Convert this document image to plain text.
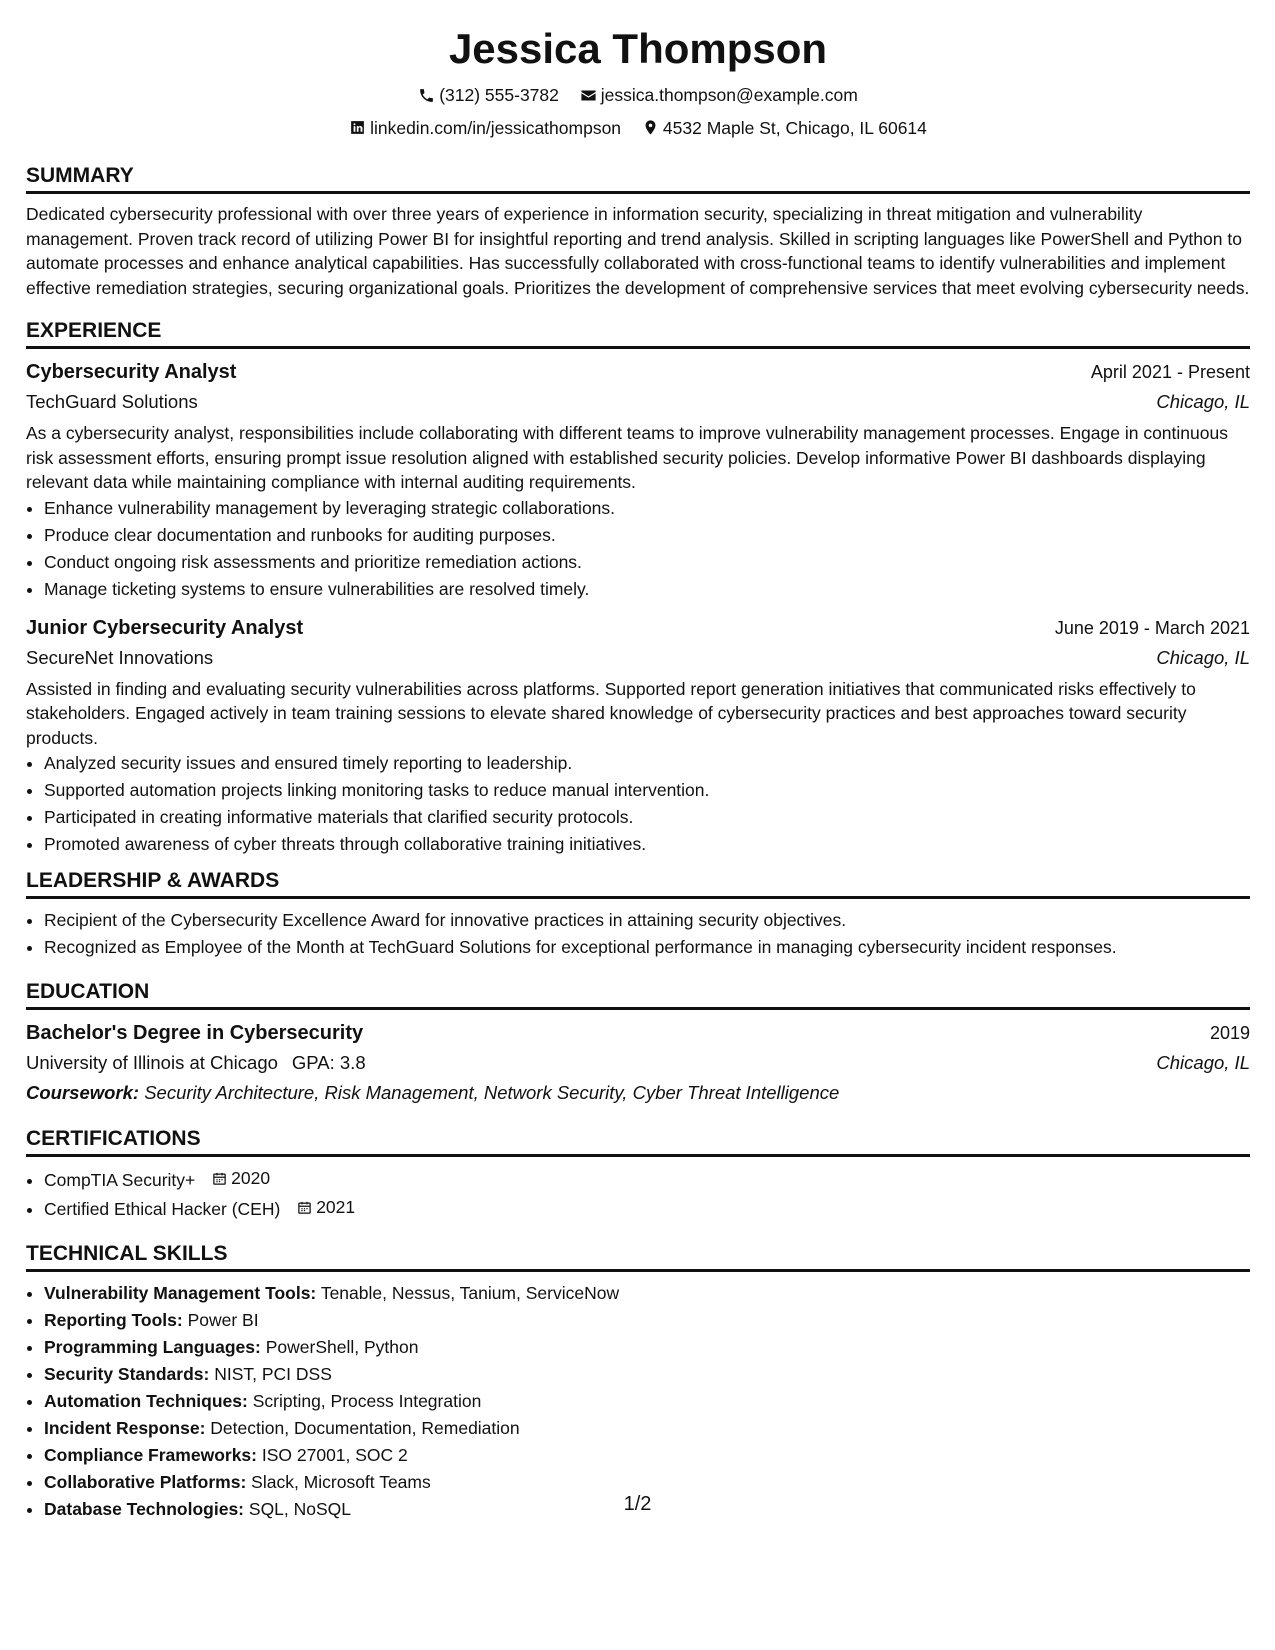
Jessica Thompson
(312) 555-3782
jessica.thompson@example.com
linkedin.com/in/jessicathompson
4532 Maple St, Chicago, IL 60614
SUMMARY
Dedicated cybersecurity professional with over three years of experience in information security, specializing in threat mitigation and vulnerability management. Proven track record of utilizing Power BI for insightful reporting and trend analysis. Skilled in scripting languages like PowerShell and Python to automate processes and enhance analytical capabilities. Has successfully collaborated with cross-functional teams to identify vulnerabilities and implement effective remediation strategies, securing organizational goals. Prioritizes the development of comprehensive services that meet evolving cybersecurity needs.
EXPERIENCE
Cybersecurity Analyst	April 2021 - Present
TechGuard Solutions	Chicago, IL
As a cybersecurity analyst, responsibilities include collaborating with different teams to improve vulnerability management processes. Engage in continuous risk assessment efforts, ensuring prompt issue resolution aligned with established security policies. Develop informative Power BI dashboards displaying relevant data while maintaining compliance with internal auditing requirements.
• Enhance vulnerability management by leveraging strategic collaborations.
• Produce clear documentation and runbooks for auditing purposes.
• Conduct ongoing risk assessments and prioritize remediation actions.
• Manage ticketing systems to ensure vulnerabilities are resolved timely.
Junior Cybersecurity Analyst	June 2019 - March 2021
SecureNet Innovations	Chicago, IL
Assisted in finding and evaluating security vulnerabilities across platforms. Supported report generation initiatives that communicated risks effectively to stakeholders. Engaged actively in team training sessions to elevate shared knowledge of cybersecurity practices and best approaches toward security products.
• Analyzed security issues and ensured timely reporting to leadership.
• Supported automation projects linking monitoring tasks to reduce manual intervention.
• Participated in creating informative materials that clarified security protocols.
• Promoted awareness of cyber threats through collaborative training initiatives.
LEADERSHIP & AWARDS
• Recipient of the Cybersecurity Excellence Award for innovative practices in attaining security objectives.
• Recognized as Employee of the Month at TechGuard Solutions for exceptional performance in managing cybersecurity incident responses.
EDUCATION
Bachelor's Degree in Cybersecurity	2019
University of Illinois at Chicago GPA: 3.8	Chicago, IL
Coursework: Security Architecture, Risk Management, Network Security, Cyber Threat Intelligence
CERTIFICATIONS
• CompTIA Security+ 2020
• Certified Ethical Hacker (CEH) 2021
TECHNICAL SKILLS
• Vulnerability Management Tools: Tenable, Nessus, Tanium, ServiceNow
• Reporting Tools: Power BI
• Programming Languages: PowerShell, Python
• Security Standards: NIST, PCI DSS
• Automation Techniques: Scripting, Process Integration
• Incident Response: Detection, Documentation, Remediation
• Compliance Frameworks: ISO 27001, SOC 2
• Collaborative Platforms: Slack, Microsoft Teams
• Database Technologies: SQL, NoSQL	1/2
